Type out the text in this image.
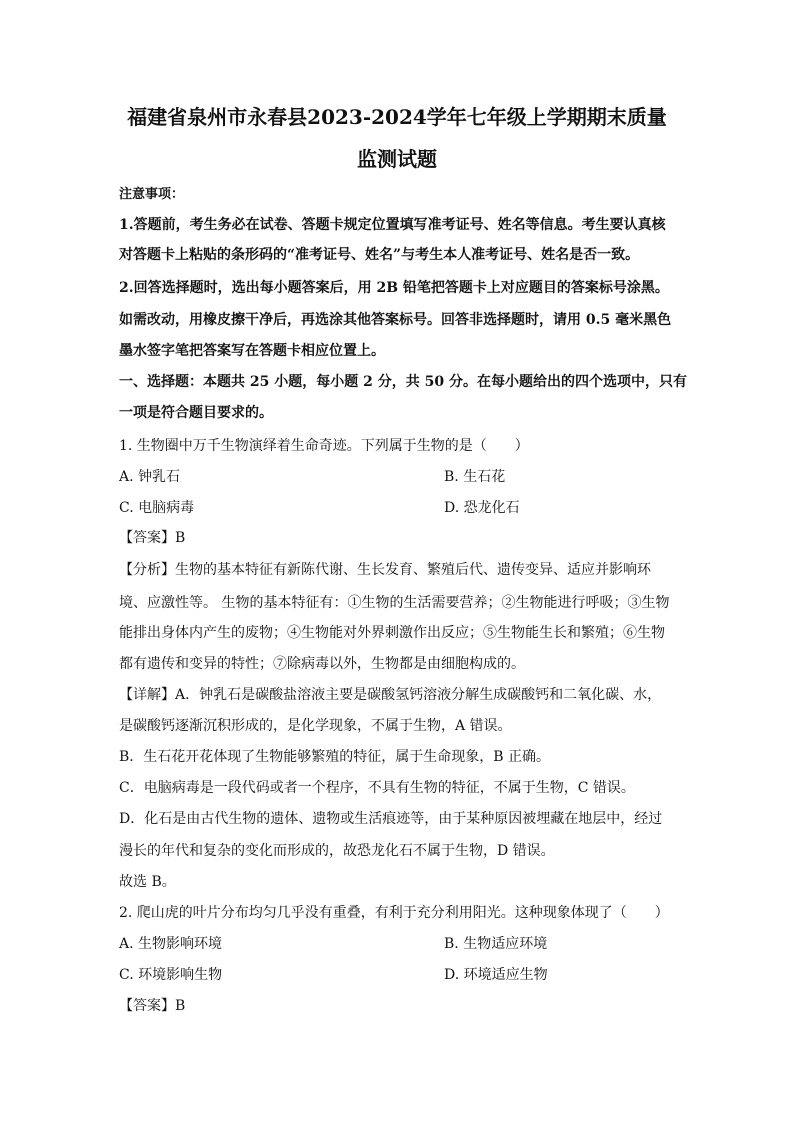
福建省泉州市永春县2023-2024学年七年级上学期期末质量
监测试题
注意事项：
1.答题前，考生务必在试卷、答题卡规定位置填写准考证号、姓名等信息。考生要认真核
对答题卡上粘贴的条形码的“准考证号、姓名”与考生本人准考证号、姓名是否一致。
2.回答选择题时，选出每小题答案后，用 2B 铅笔把答题卡上对应题目的答案标号涂黑。
如需改动，用橡皮擦干净后，再选涂其他答案标号。回答非选择题时，请用 0.5 毫米黑色
墨水签字笔把答案写在答题卡相应位置上。
一、选择题：本题共 25 小题，每小题 2 分，共 50 分。在每小题给出的四个选项中，只有
一项是符合题目要求的。
1. 生物圈中万千生物演绎着生命奇迹。下列属于生物的是（　　）
A. 钟乳石	B. 生石花
C. 电脑病毒	D. 恐龙化石
【答案】B
【分析】生物的基本特征有新陈代谢、生长发育、繁殖后代、遗传变异、适应并影响环
境、应激性等。 生物的基本特征有：①生物的生活需要营养；②生物能进行呼吸；③生物
能排出身体内产生的废物；④生物能对外界刺激作出反应；⑤生物能生长和繁殖；⑥生物
都有遗传和变异的特性；⑦除病毒以外，生物都是由细胞构成的。
【详解】A．钟乳石是碳酸盐溶液主要是碳酸氢钙溶液分解生成碳酸钙和二氧化碳、水，
是碳酸钙逐渐沉积形成的，是化学现象，不属于生物，A 错误。
B．生石花开花体现了生物能够繁殖的特征，属于生命现象，B 正确。
C．电脑病毒是一段代码或者一个程序，不具有生物的特征，不属于生物，C 错误。
D．化石是由古代生物的遗体、遗物或生活痕迹等，由于某种原因被埋藏在地层中，经过
漫长的年代和复杂的变化而形成的，故恐龙化石不属于生物，D 错误。
故选 B。
2. 爬山虎的叶片分布均匀几乎没有重叠，有利于充分利用阳光。这种现象体现了（　　）
A. 生物影响环境	B. 生物适应环境
C. 环境影响生物	D. 环境适应生物
【答案】B
